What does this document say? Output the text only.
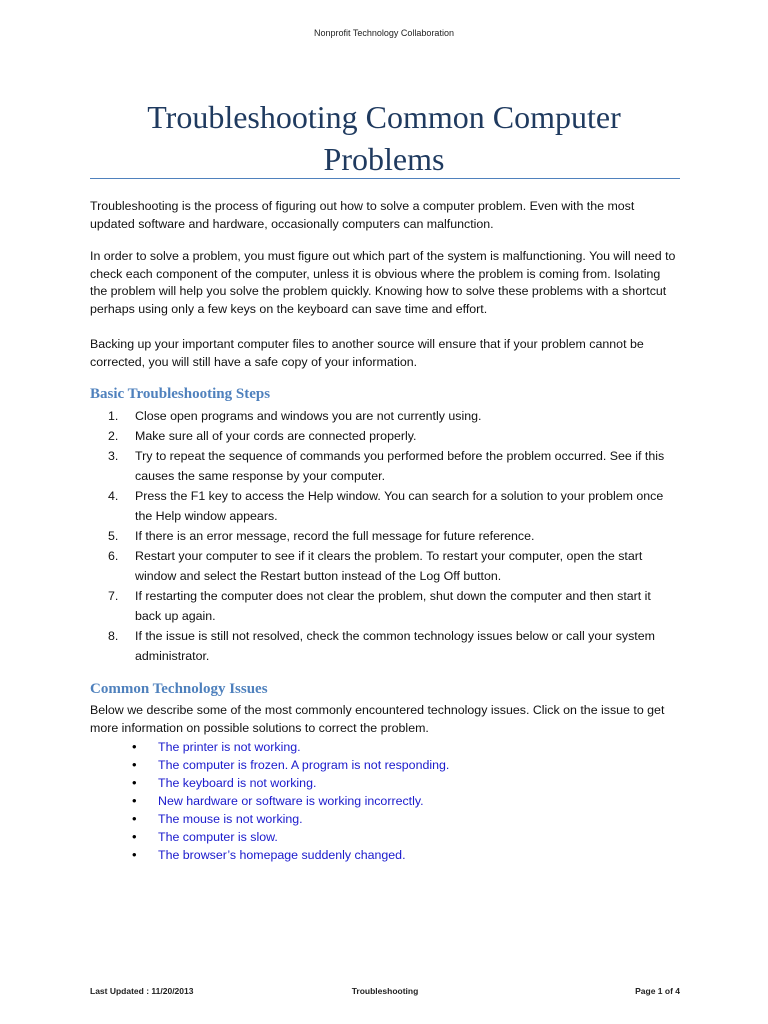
Nonprofit Technology Collaboration
Troubleshooting Common Computer Problems
Troubleshooting is the process of figuring out how to solve a computer problem. Even with the most updated software and hardware, occasionally computers can malfunction.
In order to solve a problem, you must figure out which part of the system is malfunctioning. You will need to check each component of the computer, unless it is obvious where the problem is coming from. Isolating the problem will help you solve the problem quickly. Knowing how to solve these problems with a shortcut perhaps using only a few keys on the keyboard can save time and effort.
Backing up your important computer files to another source will ensure that if your problem cannot be corrected, you will still have a safe copy of your information.
Basic Troubleshooting Steps
1. Close open programs and windows you are not currently using.
2. Make sure all of your cords are connected properly.
3. Try to repeat the sequence of commands you performed before the problem occurred. See if this causes the same response by your computer.
4. Press the F1 key to access the Help window. You can search for a solution to your problem once the Help window appears.
5. If there is an error message, record the full message for future reference.
6. Restart your computer to see if it clears the problem. To restart your computer, open the start window and select the Restart button instead of the Log Off button.
7. If restarting the computer does not clear the problem, shut down the computer and then start it back up again.
8. If the issue is still not resolved, check the common technology issues below or call your system administrator.
Common Technology Issues
Below we describe some of the most commonly encountered technology issues. Click on the issue to get more information on possible solutions to correct the problem.
• The printer is not working.
• The computer is frozen. A program is not responding.
• The keyboard is not working.
• New hardware or software is working incorrectly.
• The mouse is not working.
• The computer is slow.
• The browser’s homepage suddenly changed.
Last Updated : 11/20/2013	Troubleshooting	Page 1 of 4
